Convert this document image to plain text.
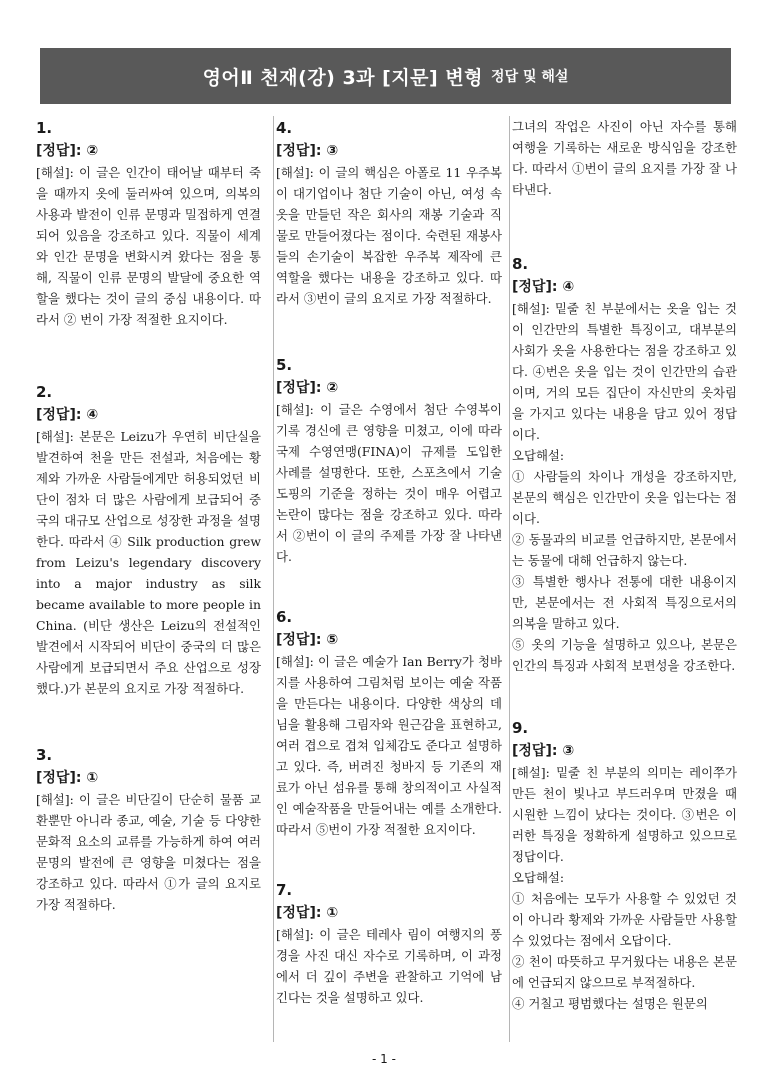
영어Ⅱ 천재(강) 3과 [지문] 변형 정답 및 해설

1.

[정답]: ②

[해설]: 이 글은 인간이 태어날 때부터 죽을 때까지 옷에 둘러싸여 있으며, 의복의 사용과 발전이 인류 문명과 밀접하게 연결되어 있음을 강조하고 있다. 직물이 세계와 인간 문명을 변화시켜 왔다는 점을 통해, 직물이 인류 문명의 발달에 중요한 역할을 했다는 것이 글의 중심 내용이다. 따라서 ② 번이 가장 적절한 요지이다.

2.

[정답]: ④

[해설]: 본문은 Leizu가 우연히 비단실을 발견하여 천을 만든 전설과, 처음에는 황제와 가까운 사람들에게만 허용되었던 비단이 점차 더 많은 사람에게 보급되어 중국의 대규모 산업으로 성장한 과정을 설명한다. 따라서 ④ Silk production grew from Leizu's legendary discovery into a major industry as silk became available to more people in China. (비단 생산은 Leizu의 전설적인 발견에서 시작되어 비단이 중국의 더 많은 사람에게 보급되면서 주요 산업으로 성장했다.)가 본문의 요지로 가장 적절하다.

3.

[정답]: ①

[해설]: 이 글은 비단길이 단순히 물품 교환뿐만 아니라 종교, 예술, 기술 등 다양한 문화적 요소의 교류를 가능하게 하여 여러 문명의 발전에 큰 영향을 미쳤다는 점을 강조하고 있다. 따라서 ①가 글의 요지로 가장 적절하다.

4.

[정답]: ③

[해설]: 이 글의 핵심은 아폴로 11 우주복이 대기업이나 첨단 기술이 아닌, 여성 속옷을 만들던 작은 회사의 재봉 기술과 직물로 만들어졌다는 점이다. 숙련된 재봉사들의 손기술이 복잡한 우주복 제작에 큰 역할을 했다는 내용을 강조하고 있다. 따라서 ③번이 글의 요지로 가장 적절하다.

5.

[정답]: ②

[해설]: 이 글은 수영에서 첨단 수영복이 기록 경신에 큰 영향을 미쳤고, 이에 따라 국제 수영연맹(FINA)이 규제를 도입한 사례를 설명한다. 또한, 스포츠에서 기술 도핑의 기준을 정하는 것이 매우 어렵고 논란이 많다는 점을 강조하고 있다. 따라서 ②번이 이 글의 주제를 가장 잘 나타낸다.

6.

[정답]: ⑤

[해설]: 이 글은 예술가 Ian Berry가 청바지를 사용하여 그림처럼 보이는 예술 작품을 만든다는 내용이다. 다양한 색상의 데님을 활용해 그림자와 원근감을 표현하고, 여러 겹으로 겹쳐 입체감도 준다고 설명하고 있다. 즉, 버려진 청바지 등 기존의 재료가 아닌 섬유를 통해 창의적이고 사실적인 예술작품을 만들어내는 예를 소개한다. 따라서 ⑤번이 가장 적절한 요지이다.

7.

[정답]: ①

[해설]: 이 글은 테레사 림이 여행지의 풍경을 사진 대신 자수로 기록하며, 이 과정에서 더 깊이 주변을 관찰하고 기억에 남긴다는 것을 설명하고 있다.

그녀의 작업은 사진이 아닌 자수를 통해 여행을 기록하는 새로운 방식임을 강조한다. 따라서 ①번이 글의 요지를 가장 잘 나타낸다.

8.

[정답]: ④

[해설]: 밑줄 친 부분에서는 옷을 입는 것이 인간만의 특별한 특징이고, 대부분의 사회가 옷을 사용한다는 점을 강조하고 있다. ④번은 옷을 입는 것이 인간만의 습관이며, 거의 모든 집단이 자신만의 옷차림을 가지고 있다는 내용을 담고 있어 정답이다.

오답해설:

① 사람들의 차이나 개성을 강조하지만, 본문의 핵심은 인간만이 옷을 입는다는 점이다.

② 동물과의 비교를 언급하지만, 본문에서는 동물에 대해 언급하지 않는다.

③ 특별한 행사나 전통에 대한 내용이지만, 본문에서는 전 사회적 특징으로서의 의복을 말하고 있다.

⑤ 옷의 기능을 설명하고 있으나, 본문은 인간의 특징과 사회적 보편성을 강조한다.

9.

[정답]: ③

[해설]: 밑줄 친 부분의 의미는 레이쭈가 만든 천이 빛나고 부드러우며 만졌을 때 시원한 느낌이 났다는 것이다. ③번은 이러한 특징을 정확하게 설명하고 있으므로 정답이다.

오답해설:

① 처음에는 모두가 사용할 수 있었던 것이 아니라 황제와 가까운 사람들만 사용할 수 있었다는 점에서 오답이다.

② 천이 따뜻하고 무거웠다는 내용은 본문에 언급되지 않으므로 부적절하다.

④ 거칠고 평범했다는 설명은 원문의

- 1 -
